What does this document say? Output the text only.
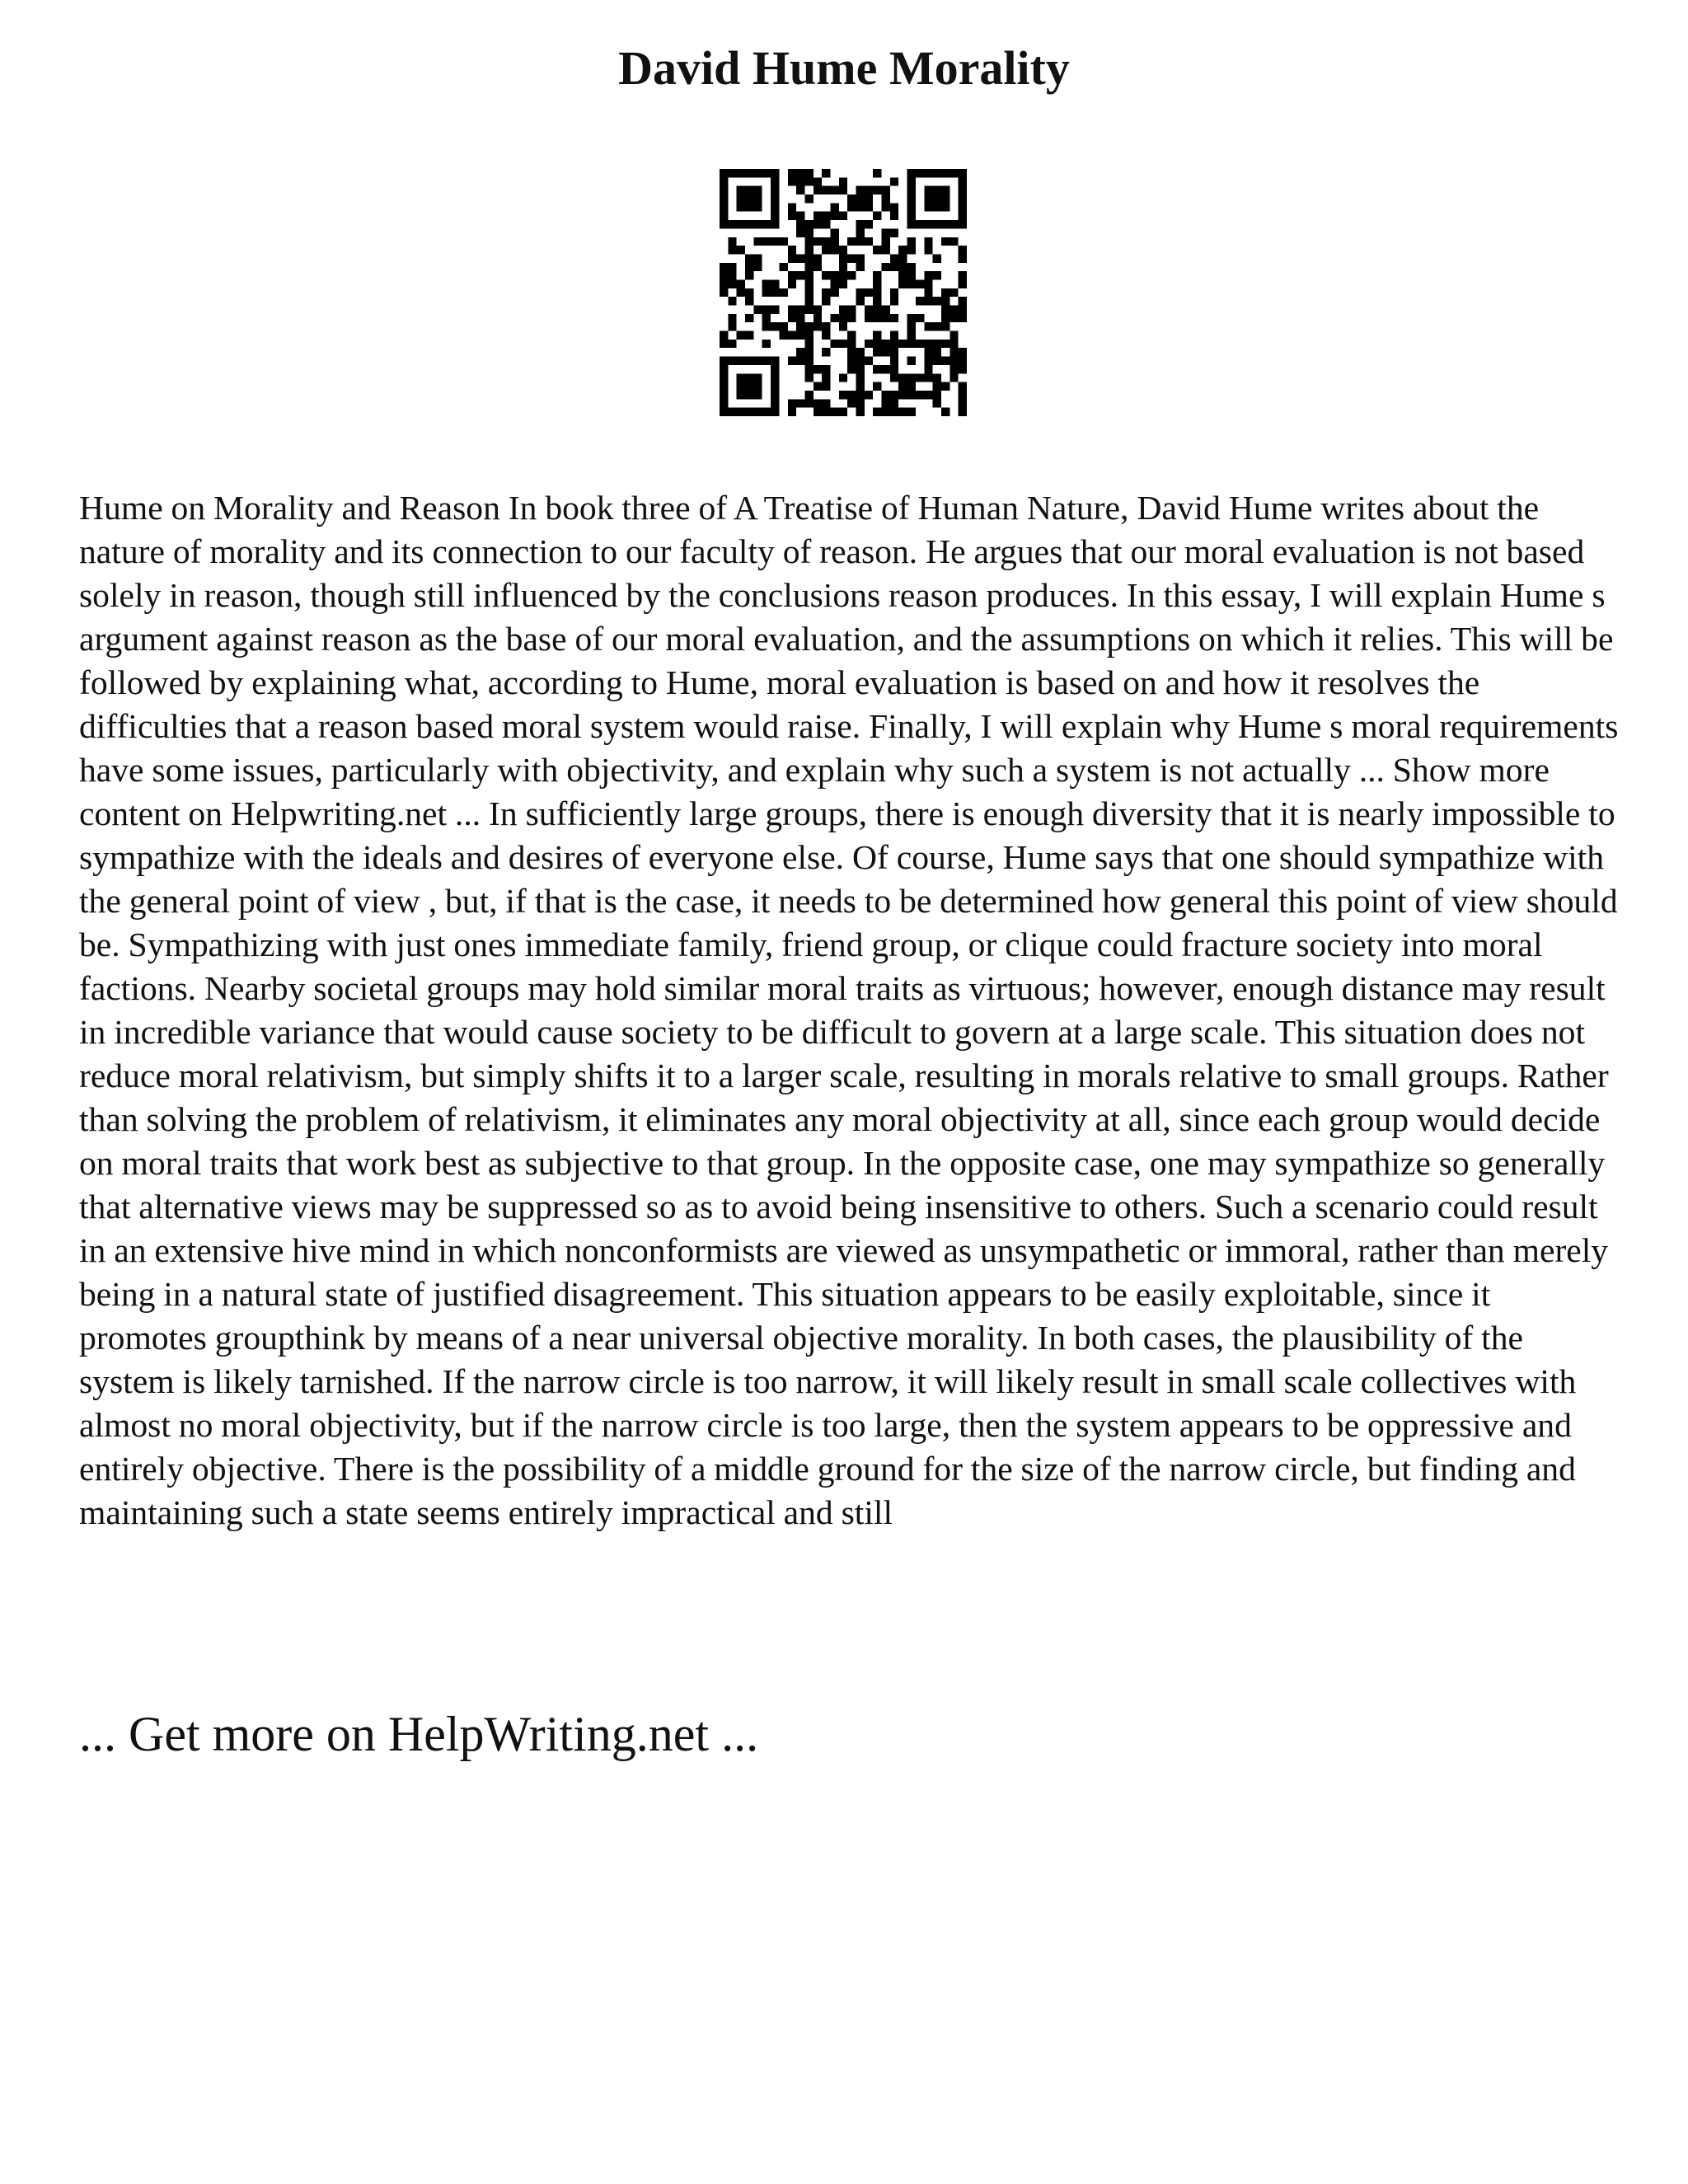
David Hume Morality

Hume on Morality and Reason In book three of A Treatise of Human Nature, David Hume writes about the nature of morality and its connection to our faculty of reason. He argues that our moral evaluation is not based solely in reason, though still influenced by the conclusions reason produces. In this essay, I will explain Hume s argument against reason as the base of our moral evaluation, and the assumptions on which it relies. This will be followed by explaining what, according to Hume, moral evaluation is based on and how it resolves the difficulties that a reason based moral system would raise. Finally, I will explain why Hume s moral requirements have some issues, particularly with objectivity, and explain why such a system is not actually ... Show more content on Helpwriting.net ... In sufficiently large groups, there is enough diversity that it is nearly impossible to sympathize with the ideals and desires of everyone else. Of course, Hume says that one should sympathize with the general point of view , but, if that is the case, it needs to be determined how general this point of view should be. Sympathizing with just ones immediate family, friend group, or clique could fracture society into moral factions. Nearby societal groups may hold similar moral traits as virtuous; however, enough distance may result in incredible variance that would cause society to be difficult to govern at a large scale. This situation does not reduce moral relativism, but simply shifts it to a larger scale, resulting in morals relative to small groups. Rather than solving the problem of relativism, it eliminates any moral objectivity at all, since each group would decide on moral traits that work best as subjective to that group. In the opposite case, one may sympathize so generally that alternative views may be suppressed so as to avoid being insensitive to others. Such a scenario could result in an extensive hive mind in which nonconformists are viewed as unsympathetic or immoral, rather than merely being in a natural state of justified disagreement. This situation appears to be easily exploitable, since it promotes groupthink by means of a near universal objective morality. In both cases, the plausibility of the system is likely tarnished. If the narrow circle is too narrow, it will likely result in small scale collectives with almost no moral objectivity, but if the narrow circle is too large, then the system appears to be oppressive and entirely objective. There is the possibility of a middle ground for the size of the narrow circle, but finding and maintaining such a state seems entirely impractical and still

... Get more on HelpWriting.net ...
